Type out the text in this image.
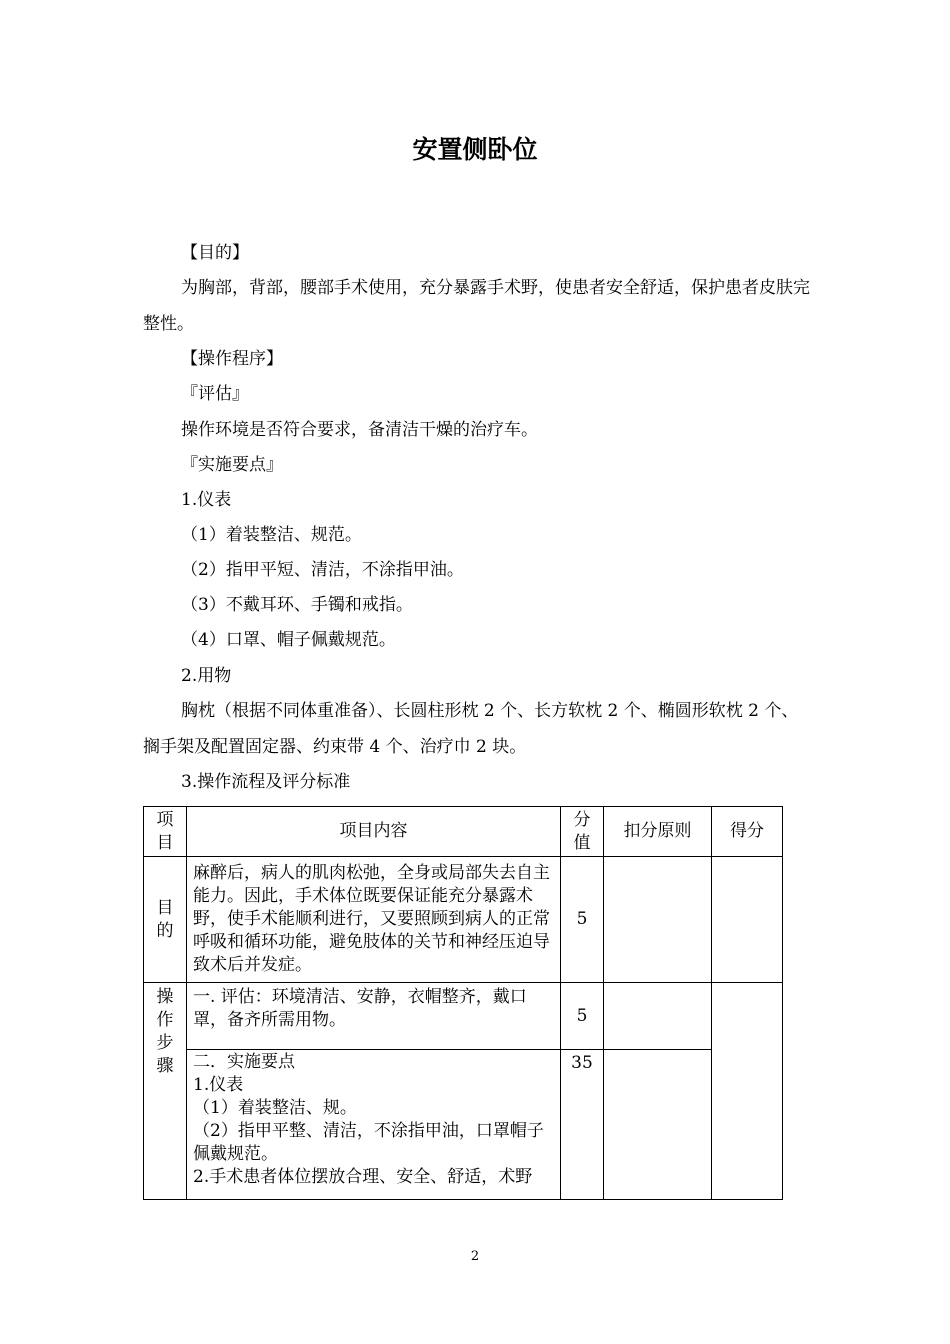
安置侧卧位

【目的】

为胸部，背部，腰部手术使用，充分暴露手术野，使患者安全舒适，保护患者皮肤完整性。

【操作程序】

『评估』

操作环境是否符合要求，备清洁干燥的治疗车。

『实施要点』

1.仪表

（1）着装整洁、规范。

（2）指甲平短、清洁，不涂指甲油。

（3）不戴耳环、手镯和戒指。

（4）口罩、帽子佩戴规范。

2.用物

胸枕（根据不同体重准备）、长圆柱形枕 2 个、长方软枕 2 个、椭圆形软枕 2 个、搁手架及配置固定器、约束带 4 个、治疗巾 2 块。

3.操作流程及评分标准

项目	项目内容	分值	扣分原则	得分
目的	麻醉后，病人的肌肉松弛，全身或局部失去自主能力。因此，手术体位既要保证能充分暴露术野，使手术能顺利进行，又要照顾到病人的正常呼吸和循环功能，避免肢体的关节和神经压迫导致术后并发症。	5		
操作步骤	一. 评估：环境清洁、安静，衣帽整齐，戴口罩，备齐所需用物。	5		

	二．实施要点
1.仪表
（1）着装整洁、规。
（2）指甲平整、清洁，不涂指甲油，口罩帽子佩戴规范。
2.手术患者体位摆放合理、安全、舒适，术野	35		
2
